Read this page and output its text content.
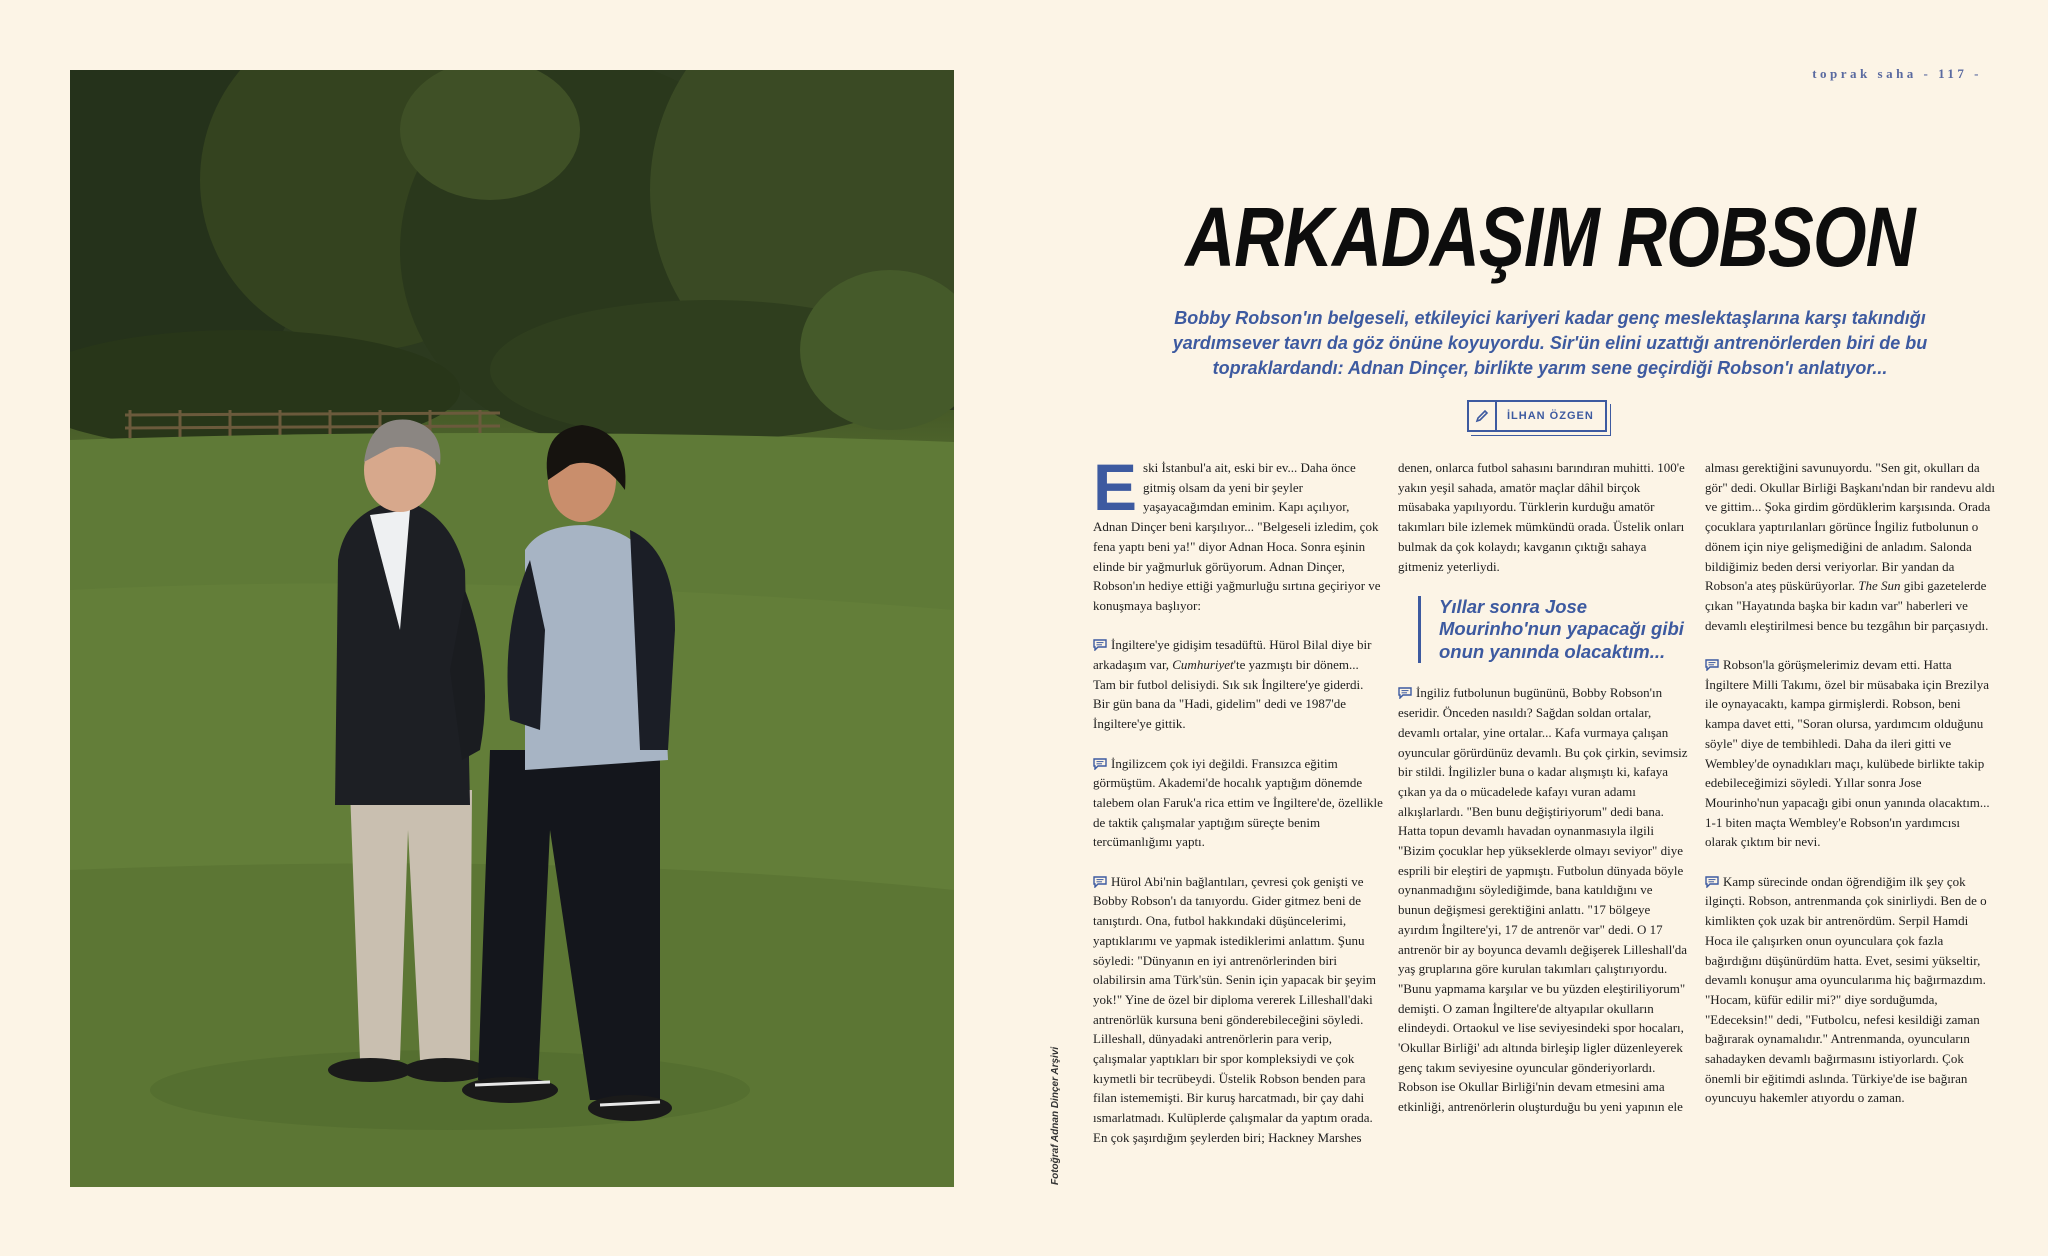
Fotoğraf Adnan Dinçer Arşivi
toprak saha - 117 -
ARKADAŞIM ROBSON
Bobby Robson'ın belgeseli, etkileyici kariyeri kadar genç meslektaşlarına karşı takındığı yardımsever tavrı da göz önüne koyuyordu. Sir'ün elini uzattığı antrenörlerden biri de bu topraklardandı: Adnan Dinçer, birlikte yarım sene geçirdiği Robson'ı anlatıyor...
İLHAN ÖZGEN

Eski İstanbul'a ait, eski bir ev... Daha önce gitmiş olsam da yeni bir şeyler yaşayacağımdan eminim. Kapı açılıyor, Adnan Dinçer beni karşılıyor... "Belgeseli izledim, çok fena yaptı beni ya!" diyor Adnan Hoca. Sonra eşinin elinde bir yağmurluk görüyorum. Adnan Dinçer, Robson'ın hediye ettiği yağmurluğu sırtına geçiriyor ve konuşmaya başlıyor:

İngiltere'ye gidişim tesadüftü. Hürol Bilal diye bir arkadaşım var, Cumhuriyet'te yazmıştı bir dönem... Tam bir futbol delisiydi. Sık sık İngiltere'ye giderdi. Bir gün bana da "Hadi, gidelim" dedi ve 1987'de İngiltere'ye gittik.

İngilizcem çok iyi değildi. Fransızca eğitim görmüştüm. Akademi'de hocalık yaptığım dönemde talebem olan Faruk'a rica ettim ve İngiltere'de, özellikle de taktik çalışmalar yaptığım süreçte benim tercümanlığımı yaptı.

Hürol Abi'nin bağlantıları, çevresi çok genişti ve Bobby Robson'ı da tanıyordu. Gider gitmez beni de tanıştırdı. Ona, futbol hakkındaki düşüncelerimi, yaptıklarımı ve yapmak istediklerimi anlattım. Şunu söyledi: "Dünyanın en iyi antrenörlerinden biri olabilirsin ama Türk'sün. Senin için yapacak bir şeyim yok!" Yine de özel bir diploma vererek Lilleshall'daki antrenörlük kursuna beni gönderebileceğini söyledi. Lilleshall, dünyadaki antrenörlerin para verip, çalışmalar yaptıkları bir spor kompleksiydi ve çok kıymetli bir tecrübeydi. Üstelik Robson benden para filan istememişti. Bir kuruş harcatmadı, bir çay dahi ısmarlatmadı. Kulüplerde çalışmalar da yaptım orada. En çok şaşırdığım şeylerden biri; Hackney Marshes

denen, onlarca futbol sahasını barındıran muhitti. 100'e yakın yeşil sahada, amatör maçlar dâhil birçok müsabaka yapılıyordu. Türklerin kurduğu amatör takımları bile izlemek mümkündü orada. Üstelik onları bulmak da çok kolaydı; kavganın çıktığı sahaya gitmeniz yeterliydi.

Yıllar sonra Jose Mourinho'nun yapacağı gibi onun yanında olacaktım...

İngiliz futbolunun bugününü, Bobby Robson'ın eseridir. Önceden nasıldı? Sağdan soldan ortalar, devamlı ortalar, yine ortalar... Kafa vurmaya çalışan oyuncular görürdünüz devamlı. Bu çok çirkin, sevimsiz bir stildi. İngilizler buna o kadar alışmıştı ki, kafaya çıkan ya da o mücadelede kafayı vuran adamı alkışlarlardı. "Ben bunu değiştiriyorum" dedi bana. Hatta topun devamlı havadan oynanmasıyla ilgili "Bizim çocuklar hep yükseklerde olmayı seviyor" diye esprili bir eleştiri de yapmıştı. Futbolun dünyada böyle oynanmadığını söylediğimde, bana katıldığını ve bunun değişmesi gerektiğini anlattı. "17 bölgeye ayırdım İngiltere'yi, 17 de antrenör var" dedi. O 17 antrenör bir ay boyunca devamlı değişerek Lilleshall'da yaş gruplarına göre kurulan takımları çalıştırıyordu. "Bunu yapmama karşılar ve bu yüzden eleştiriliyorum" demişti. O zaman İngiltere'de altyapılar okulların elindeydi. Ortaokul ve lise seviyesindeki spor hocaları, 'Okullar Birliği' adı altında birleşip ligler düzenleyerek genç takım seviyesine oyuncular gönderiyorlardı. Robson ise Okullar Birliği'nin devam etmesini ama etkinliği, antrenörlerin oluşturduğu bu yeni yapının ele

alması gerektiğini savunuyordu. "Sen git, okulları da gör" dedi. Okullar Birliği Başkanı'ndan bir randevu aldı ve gittim... Şoka girdim gördüklerim karşısında. Orada çocuklara yaptırılanları görünce İngiliz futbolunun o dönem için niye gelişmediğini de anladım. Salonda bildiğimiz beden dersi veriyorlar. Bir yandan da Robson'a ateş püskürüyorlar. The Sun gibi gazetelerde çıkan "Hayatında başka bir kadın var" haberleri ve devamlı eleştirilmesi bence bu tezgâhın bir parçasıydı.

Robson'la görüşmelerimiz devam etti. Hatta İngiltere Milli Takımı, özel bir müsabaka için Brezilya ile oynayacaktı, kampa girmişlerdi. Robson, beni kampa davet etti, "Soran olursa, yardımcım olduğunu söyle" diye de tembihledi. Daha da ileri gitti ve Wembley'de oynadıkları maçı, kulübede birlikte takip edebileceğimizi söyledi. Yıllar sonra Jose Mourinho'nun yapacağı gibi onun yanında olacaktım... 1-1 biten maçta Wembley'e Robson'ın yardımcısı olarak çıktım bir nevi.

Kamp sürecinde ondan öğrendiğim ilk şey çok ilginçti. Robson, antrenmanda çok sinirliydi. Ben de o kimlikten çok uzak bir antrenördüm. Serpil Hamdi Hoca ile çalışırken onun oyunculara çok fazla bağırdığını düşünürdüm hatta. Evet, sesimi yükseltir, devamlı konuşur ama oyuncularıma hiç bağırmazdım. "Hocam, küfür edilir mi?" diye sorduğumda, "Edeceksin!" dedi, "Futbolcu, nefesi kesildiği zaman bağırarak oynamalıdır." Antrenmanda, oyuncuların sahadayken devamlı bağırmasını istiyorlardı. Çok önemli bir eğitimdi aslında. Türkiye'de ise bağıran oyuncuyu hakemler atıyordu o zaman.
